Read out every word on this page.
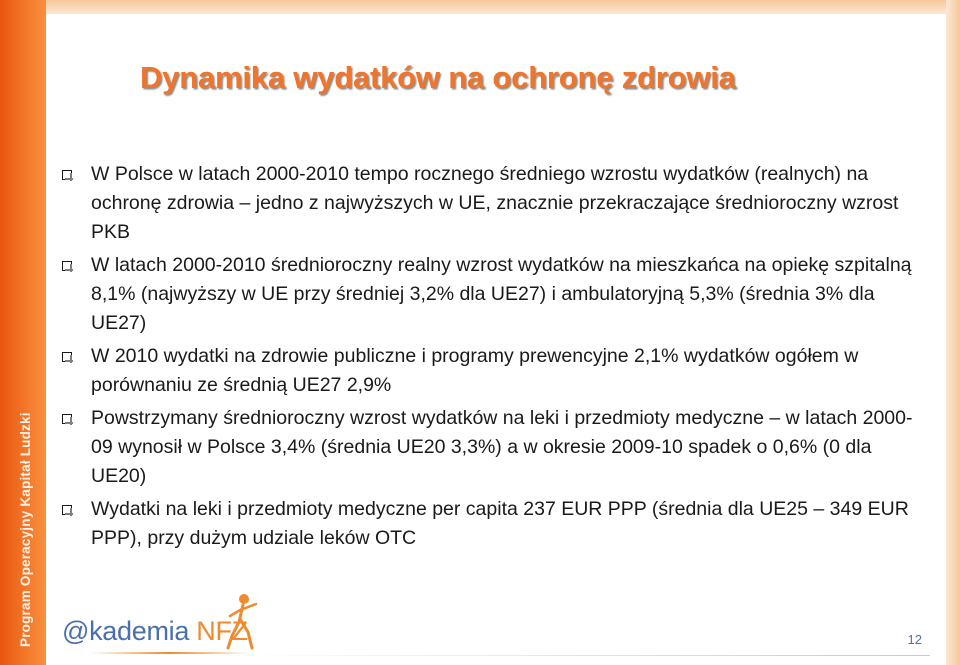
Program Operacyjny Kapitał Ludzki
Dynamika wydatków na ochronę zdrowia
W Polsce w latach 2000-2010 tempo rocznego średniego wzrostu wydatków (realnych) na ochronę zdrowia – jedno z najwyższych w UE, znacznie przekraczające średnioroczny wzrost PKB
W latach 2000-2010 średnioroczny realny wzrost wydatków na mieszkańca na opiekę szpitalną 8,1% (najwyższy w UE przy średniej 3,2% dla UE27) i ambulatoryjną 5,3% (średnia 3% dla UE27)
W 2010 wydatki na zdrowie publiczne i programy prewencyjne 2,1% wydatków ogółem w porównaniu ze średnią UE27 2,9%
Powstrzymany średnioroczny wzrost wydatków na leki i przedmioty medyczne – w latach 2000-09 wynosił w Polsce 3,4% (średnia UE20 3,3%) a w okresie 2009-10 spadek o 0,6% (0 dla UE20)
Wydatki na leki i przedmioty medyczne per capita 237 EUR PPP (średnia dla UE25 – 349 EUR PPP), przy dużym udziale leków OTC
@kademia NFZ	12
